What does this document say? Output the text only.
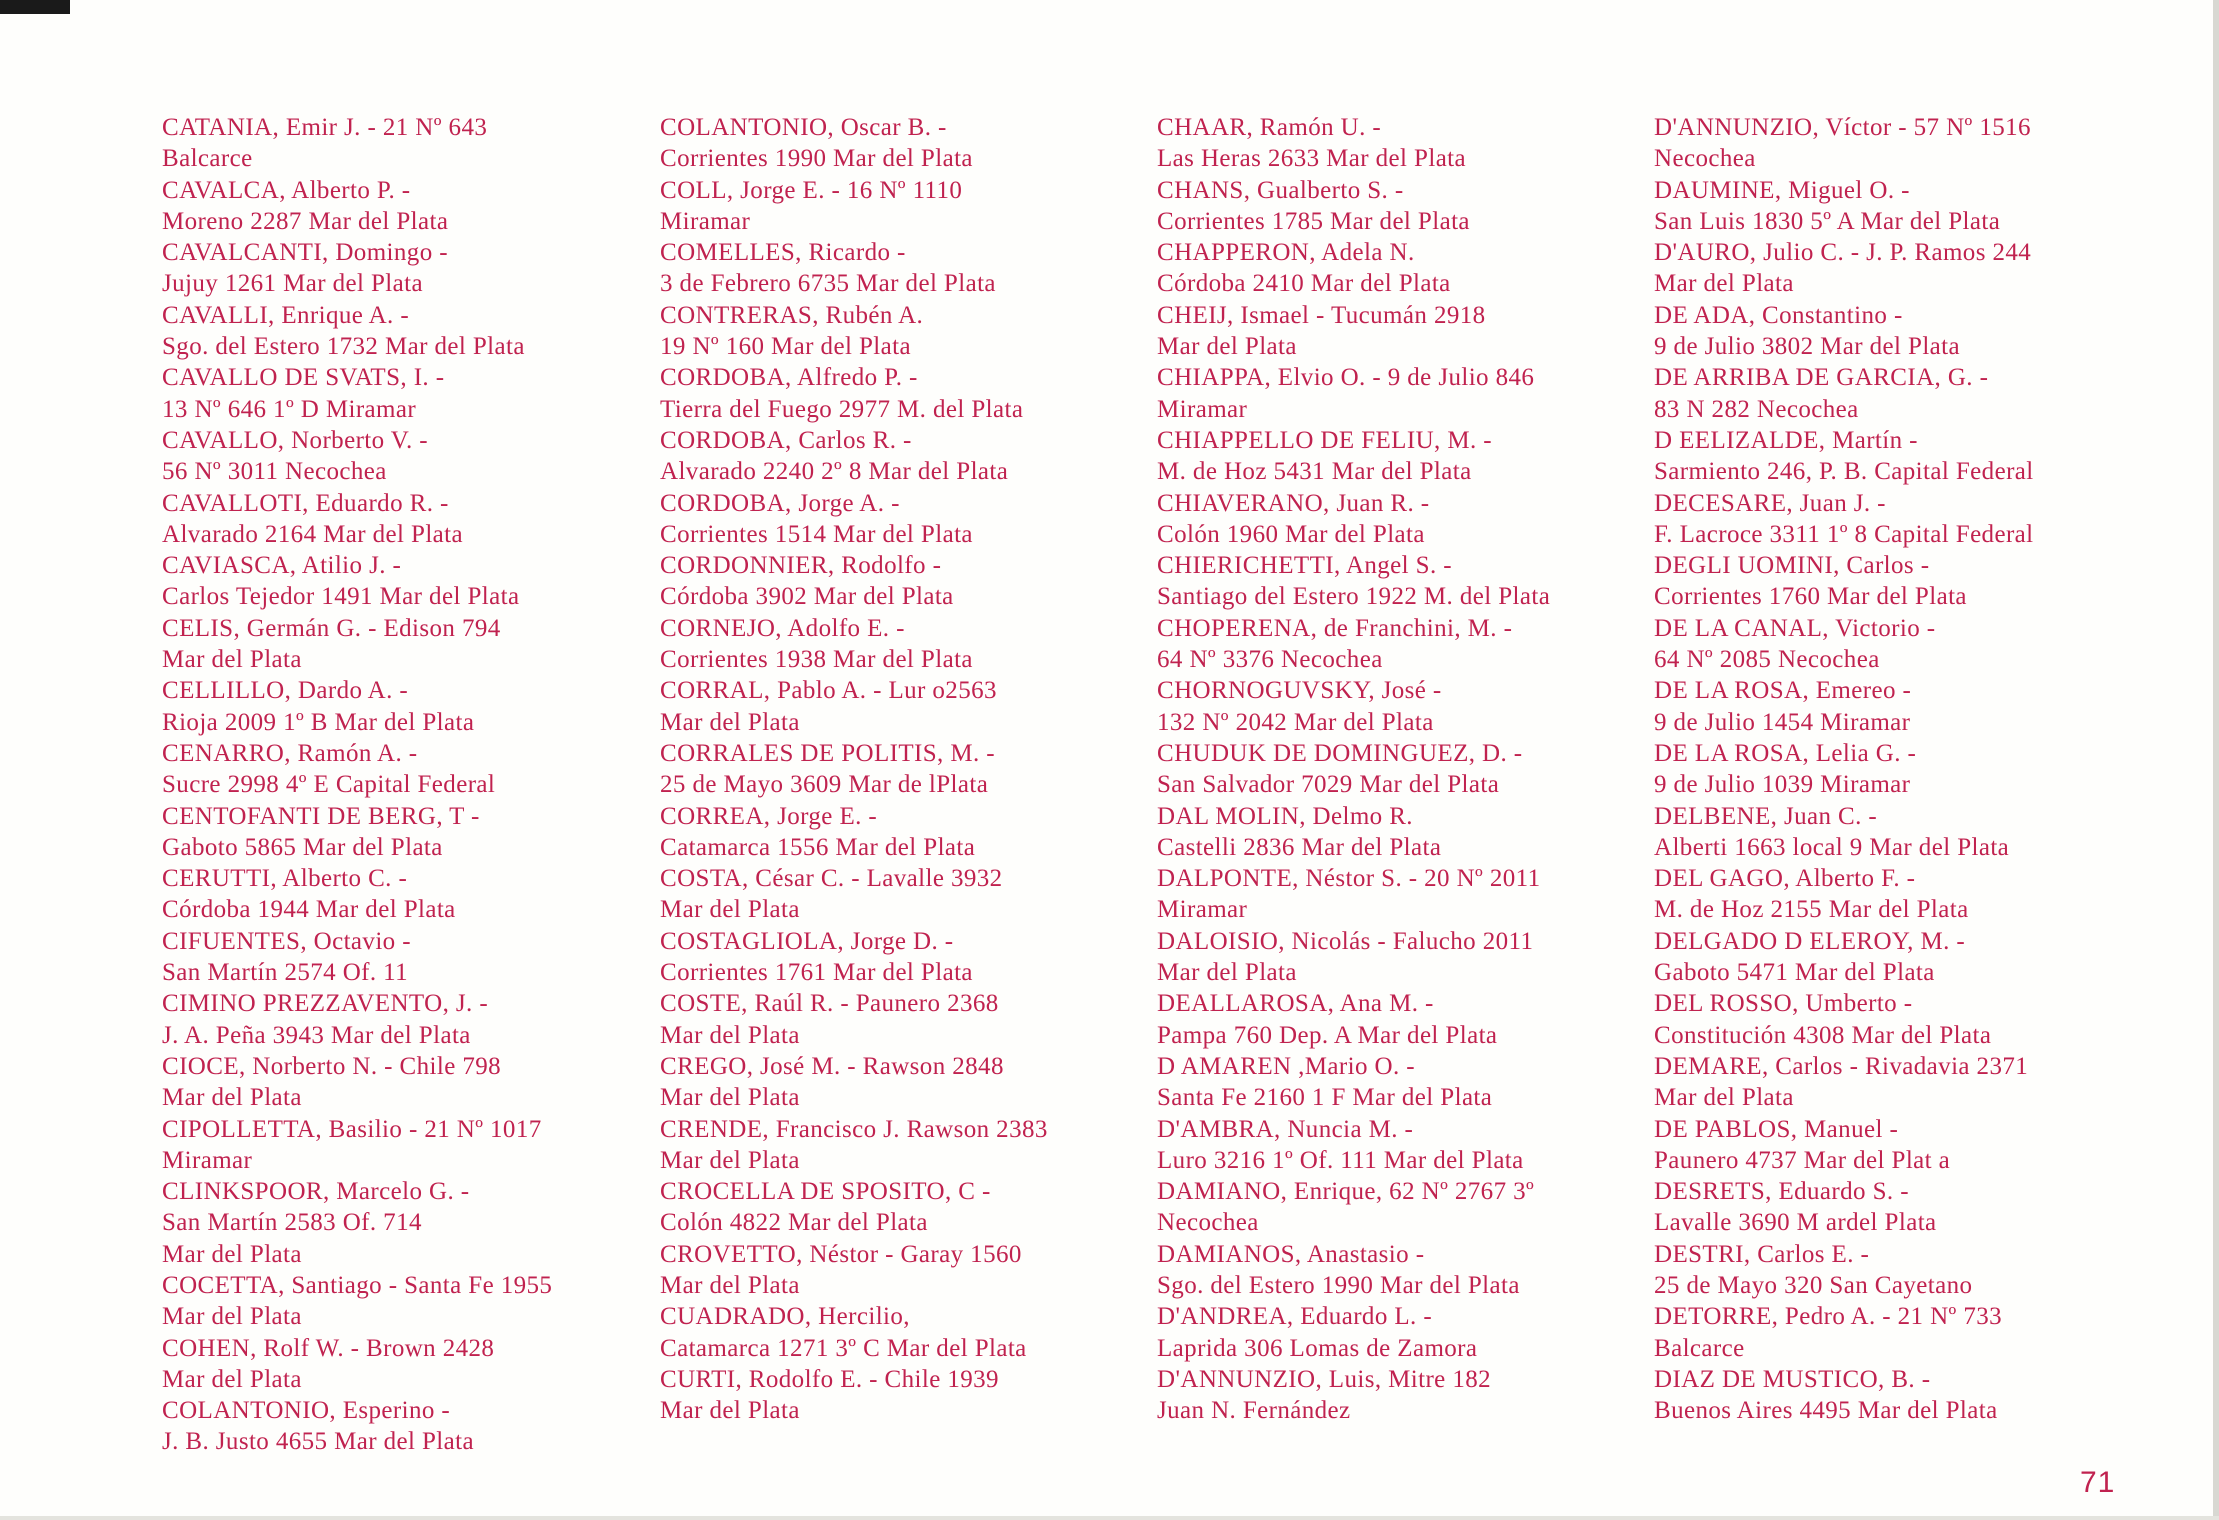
CATANIA, Emir J. - 21 Nº 643
Balcarce
CAVALCA, Alberto P. -
Moreno 2287 Mar del Plata
CAVALCANTI, Domingo -
Jujuy 1261 Mar del Plata
CAVALLI, Enrique A. -
Sgo. del Estero 1732 Mar del Plata
CAVALLO DE SVATS, I. -
13 Nº 646 1º D Miramar
CAVALLO, Norberto V. -
56 Nº 3011 Necochea
CAVALLOTI, Eduardo R. -
Alvarado 2164 Mar del Plata
CAVIASCA, Atilio J. -
Carlos Tejedor 1491 Mar del Plata
CELIS, Germán G. - Edison 794
Mar del Plata
CELLILLO, Dardo A. -
Rioja 2009 1º B Mar del Plata
CENARRO, Ramón A. -
Sucre 2998 4º E Capital Federal
CENTOFANTI DE BERG, T -
Gaboto 5865 Mar del Plata
CERUTTI, Alberto C. -
Córdoba 1944 Mar del Plata
CIFUENTES, Octavio -
San Martín 2574 Of. 11
CIMINO PREZZAVENTO, J. -
J. A. Peña 3943 Mar del Plata
CIOCE, Norberto N. - Chile 798
Mar del Plata
CIPOLLETTA, Basilio - 21 Nº 1017
Miramar
CLINKSPOOR, Marcelo G. -
San Martín 2583 Of. 714
Mar del Plata
COCETTA, Santiago - Santa Fe 1955
Mar del Plata
COHEN, Rolf W. - Brown 2428
Mar del Plata
COLANTONIO, Esperino -
J. B. Justo 4655 Mar del Plata
COLANTONIO, Oscar B. -
Corrientes 1990 Mar del Plata
COLL, Jorge E. - 16 Nº 1110
Miramar
COMELLES, Ricardo -
3 de Febrero 6735 Mar del Plata
CONTRERAS, Rubén A.
19 Nº 160 Mar del Plata
CORDOBA, Alfredo P. -
Tierra del Fuego 2977 M. del Plata
CORDOBA, Carlos R. -
Alvarado 2240 2º 8 Mar del Plata
CORDOBA, Jorge A. -
Corrientes 1514 Mar del Plata
CORDONNIER, Rodolfo -
Córdoba 3902 Mar del Plata
CORNEJO, Adolfo E. -
Corrientes 1938 Mar del Plata
CORRAL, Pablo A. - Lur o2563
Mar del Plata
CORRALES DE POLITIS, M. -
25 de Mayo 3609 Mar de lPlata
CORREA, Jorge E. -
Catamarca 1556 Mar del Plata
COSTA, César C. - Lavalle 3932
Mar del Plata
COSTAGLIOLA, Jorge D. -
Corrientes 1761 Mar del Plata
COSTE, Raúl R. - Paunero 2368
Mar del Plata
CREGO, José M. - Rawson 2848
Mar del Plata
CRENDE, Francisco J. Rawson 2383
Mar del Plata
CROCELLA DE SPOSITO, C -
Colón 4822 Mar del Plata
CROVETTO, Néstor - Garay 1560
Mar del Plata
CUADRADO, Hercilio,
Catamarca 1271 3º C Mar del Plata
CURTI, Rodolfo E. - Chile 1939
Mar del Plata
CHAAR, Ramón U. -
Las Heras 2633 Mar del Plata
CHANS, Gualberto S. -
Corrientes 1785 Mar del Plata
CHAPPERON, Adela N.
Córdoba 2410 Mar del Plata
CHEIJ, Ismael - Tucumán 2918
Mar del Plata
CHIAPPA, Elvio O. - 9 de Julio 846
Miramar
CHIAPPELLO DE FELIU, M. -
M. de Hoz 5431 Mar del Plata
CHIAVERANO, Juan R. -
Colón 1960 Mar del Plata
CHIERICHETTI, Angel S. -
Santiago del Estero 1922 M. del Plata
CHOPERENA, de Franchini, M. -
64 Nº 3376 Necochea
CHORNOGUVSKY, José -
132 Nº 2042 Mar del Plata
CHUDUK DE DOMINGUEZ, D. -
San Salvador 7029 Mar del Plata
DAL MOLIN, Delmo R.
Castelli 2836 Mar del Plata
DALPONTE, Néstor S. - 20 Nº 2011
Miramar
DALOISIO, Nicolás - Falucho 2011
Mar del Plata
DEALLAROSA, Ana M. -
Pampa 760 Dep. A Mar del Plata
D AMAREN ,Mario O. -
Santa Fe 2160 1 F Mar del Plata
D'AMBRA, Nuncia M. -
Luro 3216 1º Of. 111 Mar del Plata
DAMIANO, Enrique, 62 Nº 2767 3º
Necochea
DAMIANOS, Anastasio -
Sgo. del Estero 1990 Mar del Plata
D'ANDREA, Eduardo L. -
Laprida 306 Lomas de Zamora
D'ANNUNZIO, Luis, Mitre 182
Juan N. Fernández
D'ANNUNZIO, Víctor - 57 Nº 1516
Necochea
DAUMINE, Miguel O. -
San Luis 1830 5º A Mar del Plata
D'AURO, Julio C. - J. P. Ramos 244
Mar del Plata
DE ADA, Constantino -
9 de Julio 3802 Mar del Plata
DE ARRIBA DE GARCIA, G. -
83 N 282 Necochea
D EELIZALDE, Martín -
Sarmiento 246, P. B. Capital Federal
DECESARE, Juan J. -
F. Lacroce 3311 1º 8 Capital Federal
DEGLI UOMINI, Carlos -
Corrientes 1760 Mar del Plata
DE LA CANAL, Victorio -
64 Nº 2085 Necochea
DE LA ROSA, Emereo -
9 de Julio 1454 Miramar
DE LA ROSA, Lelia G. -
9 de Julio 1039 Miramar
DELBENE, Juan C. -
Alberti 1663 local 9 Mar del Plata
DEL GAGO, Alberto F. -
M. de Hoz 2155 Mar del Plata
DELGADO D ELEROY, M. -
Gaboto 5471 Mar del Plata
DEL ROSSO, Umberto -
Constitución 4308 Mar del Plata
DEMARE, Carlos - Rivadavia 2371
Mar del Plata
DE PABLOS, Manuel -
Paunero 4737 Mar del Plat a
DESRETS, Eduardo S. -
Lavalle 3690 M ardel Plata
DESTRI, Carlos E. -
25 de Mayo 320 San Cayetano
DETORRE, Pedro A. - 21 Nº 733
Balcarce
DIAZ DE MUSTICO, B. -
Buenos Aires 4495 Mar del Plata
71
